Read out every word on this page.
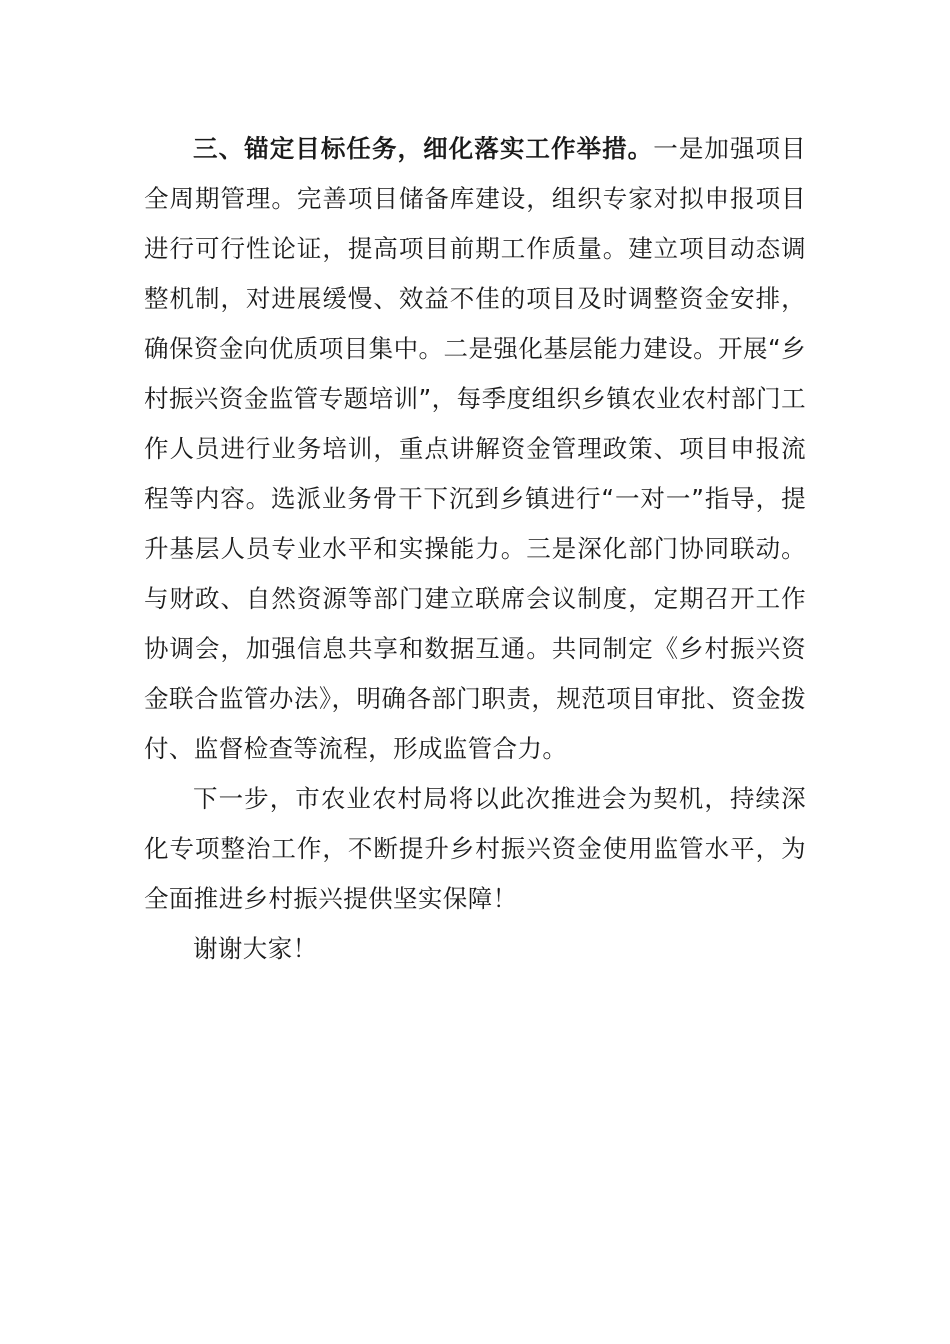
三、锚定目标任务，细化落实工作举措。一是加强项目全周期管理。完善项目储备库建设，组织专家对拟申报项目进行可行性论证，提高项目前期工作质量。建立项目动态调整机制，对进展缓慢、效益不佳的项目及时调整资金安排，确保资金向优质项目集中。二是强化基层能力建设。开展“乡村振兴资金监管专题培训”，每季度组织乡镇农业农村部门工作人员进行业务培训，重点讲解资金管理政策、项目申报流程等内容。选派业务骨干下沉到乡镇进行“一对一”指导，提升基层人员专业水平和实操能力。三是深化部门协同联动。与财政、自然资源等部门建立联席会议制度，定期召开工作协调会，加强信息共享和数据互通。共同制定《乡村振兴资金联合监管办法》，明确各部门职责，规范项目审批、资金拨付、监督检查等流程，形成监管合力。

下一步，市农业农村局将以此次推进会为契机，持续深化专项整治工作，不断提升乡村振兴资金使用监管水平，为全面推进乡村振兴提供坚实保障！

谢谢大家！
